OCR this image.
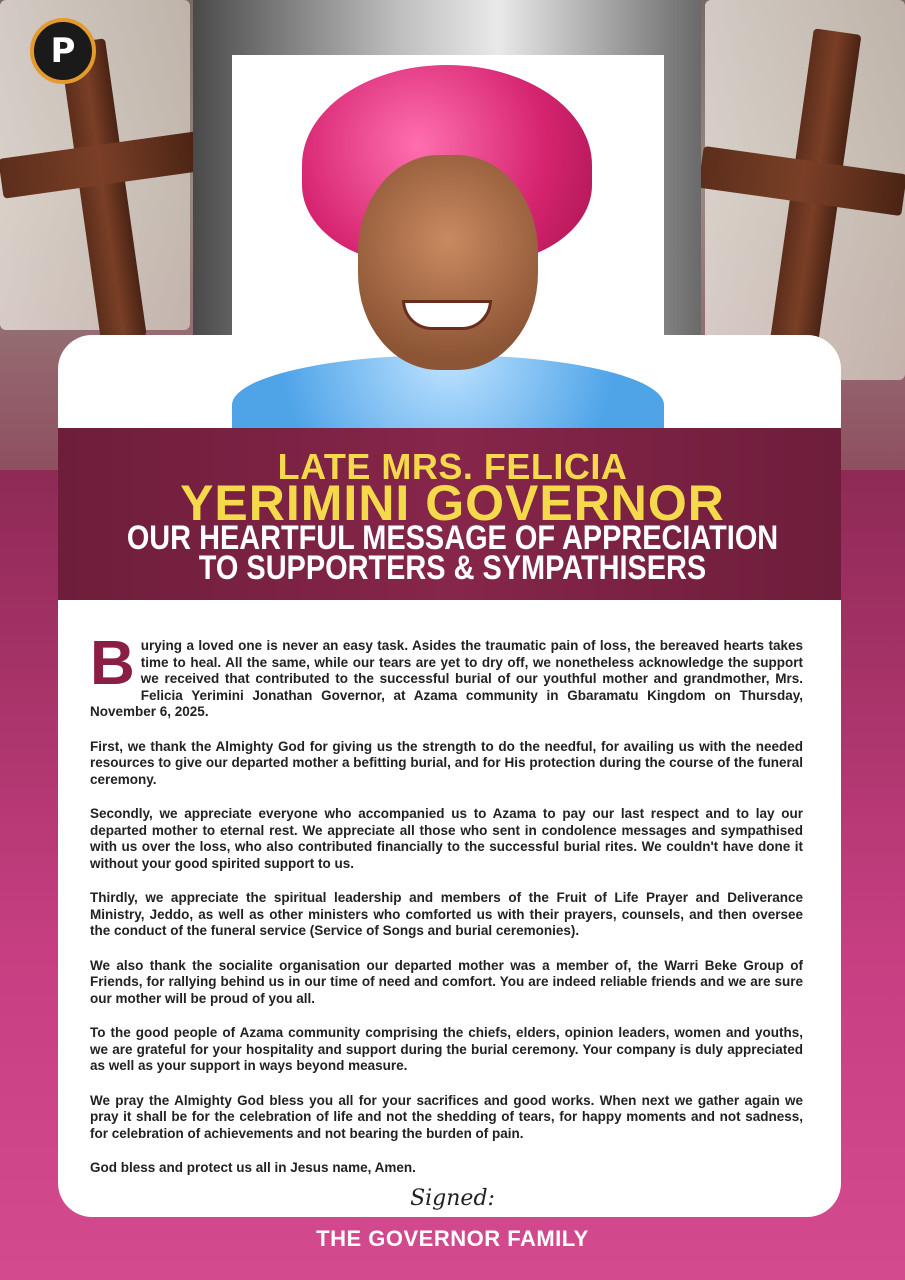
P
LATE MRS. FELICIA
YERIMINI GOVERNOR
OUR HEARTFUL MESSAGE OF APPRECIATION
TO SUPPORTERS & SYMPATHISERS

Burying a loved one is never an easy task. Asides the traumatic pain of loss, the bereaved hearts takes time to heal. All the same, while our tears are yet to dry off, we nonetheless acknowledge the support we received that contributed to the successful burial of our youthful mother and grandmother, Mrs. Felicia Yerimini Jonathan Governor, at Azama community in Gbaramatu Kingdom on Thursday, November 6, 2025.

First, we thank the Almighty God for giving us the strength to do the needful, for availing us with the needed resources to give our departed mother a befitting burial, and for His protection during the course of the funeral ceremony.

Secondly, we appreciate everyone who accompanied us to Azama to pay our last respect and to lay our departed mother to eternal rest. We appreciate all those who sent in condolence messages and sympathised with us over the loss, who also contributed financially to the successful burial rites. We couldn't have done it without your good spirited support to us.

Thirdly, we appreciate the spiritual leadership and members of the Fruit of Life Prayer and Deliverance Ministry, Jeddo, as well as other ministers who comforted us with their prayers, counsels, and then oversee the conduct of the funeral service (Service of Songs and burial ceremonies).

We also thank the socialite organisation our departed mother was a member of, the Warri Beke Group of Friends, for rallying behind us in our time of need and comfort. You are indeed reliable friends and we are sure our mother will be proud of you all.

To the good people of Azama community comprising the chiefs, elders, opinion leaders, women and youths, we are grateful for your hospitality and support during the burial ceremony. Your company is duly appreciated as well as your support in ways beyond measure.

We pray the Almighty God bless you all for your sacrifices and good works. When next we gather again we pray it shall be for the celebration of life and not the shedding of tears, for happy moments and not sadness, for celebration of achievements and not bearing the burden of pain.

God bless and protect us all in Jesus name, Amen.

Signed:
THE GOVERNOR FAMILY
